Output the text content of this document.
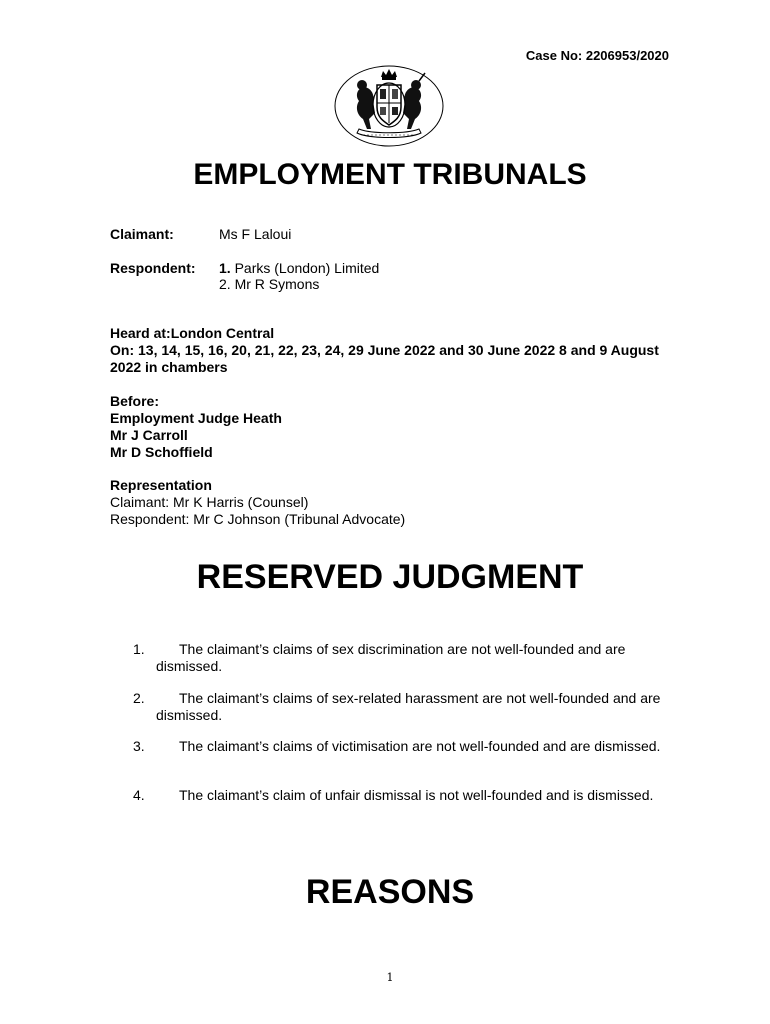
Case No: 2206953/2020
EMPLOYMENT TRIBUNALS
Claimant:	Ms F Laloui
Respondent: 1. Parks (London) Limited
2. Mr R Symons
Heard at:London Central
On: 13, 14, 15, 16, 20, 21, 22, 23, 24, 29 June 2022 and 30 June 2022 8 and 9 August 2022 in chambers
Before:
Employment Judge Heath
Mr J Carroll
Mr D Schoffield
Representation
Claimant: Mr K Harris (Counsel)
Respondent: Mr C Johnson (Tribunal Advocate)
RESERVED JUDGMENT
1.	The claimant’s claims of sex discrimination are not well-founded and are dismissed.
2.	The claimant’s claims of sex-related harassment are not well-founded and are dismissed.
3.	The claimant’s claims of victimisation are not well-founded and are dismissed.
4.	The claimant’s claim of unfair dismissal is not well-founded and is dismissed.
REASONS
1
